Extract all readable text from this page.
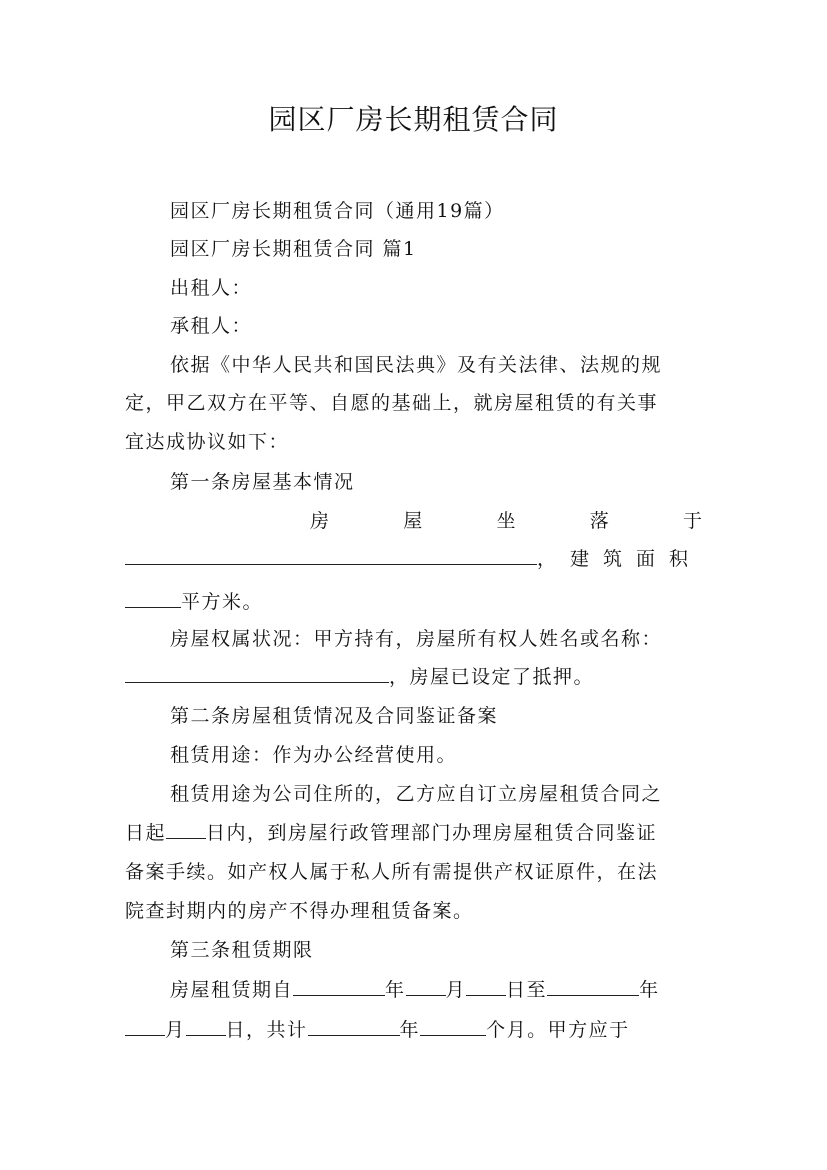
园区厂房长期租赁合同
园区厂房长期租赁合同（通用19篇）
园区厂房长期租赁合同 篇1
出租人：
承租人：
依据《中华人民共和国民法典》及有关法律、法规的规
定，甲乙双方在平等、自愿的基础上，就房屋租赁的有关事
宜达成协议如下：
第一条房屋基本情况
房	屋	坐	落	于
，建筑面积
平方米。
房屋权属状况：甲方持有，房屋所有权人姓名或名称：
，房屋已设定了抵押。
第二条房屋租赁情况及合同鉴证备案
租赁用途：作为办公经营使用。
租赁用途为公司住所的，乙方应自订立房屋租赁合同之
日起 日内，到房屋行政管理部门办理房屋租赁合同鉴证
备案手续。如产权人属于私人所有需提供产权证原件，在法
院查封期内的房产不得办理租赁备案。
第三条租赁期限
房屋租赁期自	年 月 日至	年
月 日，共计	年	个月。甲方应于
